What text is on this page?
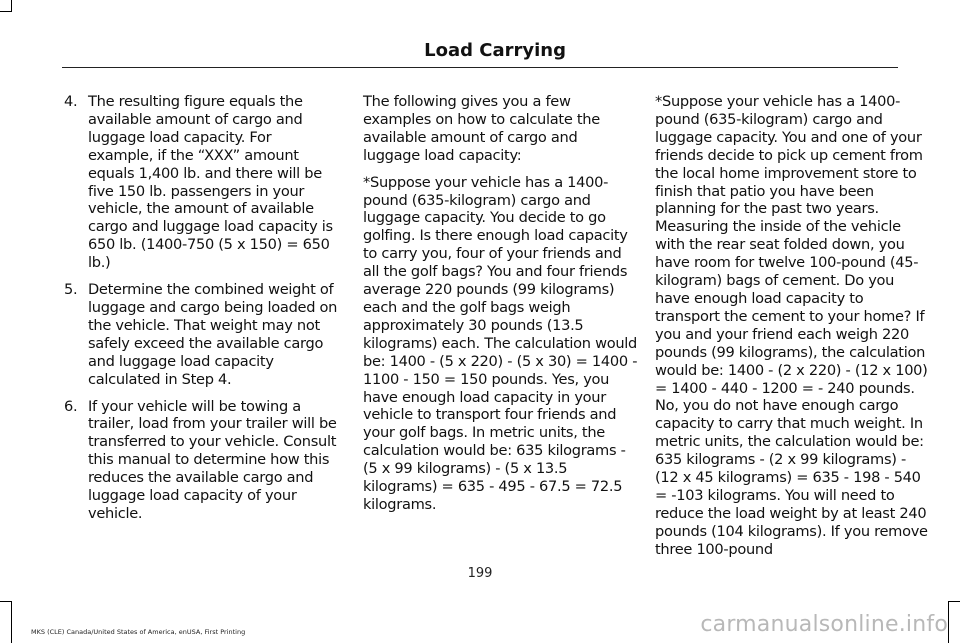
Load Carrying
4. The resulting figure equals the available amount of cargo and luggage load capacity. For example, if the “XXX” amount equals 1,400 lb. and there will be five 150 lb. passengers in your vehicle, the amount of available cargo and luggage load capacity is 650 lb. (1400-750 (5 x 150) = 650 lb.)
5. Determine the combined weight of luggage and cargo being loaded on the vehicle. That weight may not safely exceed the available cargo and luggage load capacity calculated in Step 4.
6. If your vehicle will be towing a trailer, load from your trailer will be transferred to your vehicle. Consult this manual to determine how this reduces the available cargo and luggage load capacity of your vehicle.

The following gives you a few examples on how to calculate the available amount of cargo and luggage load capacity:

*Suppose your vehicle has a 1400-pound (635-kilogram) cargo and luggage capacity. You decide to go golfing. Is there enough load capacity to carry you, four of your friends and all the golf bags? You and four friends average 220 pounds (99 kilograms) each and the golf bags weigh approximately 30 pounds (13.5 kilograms) each. The calculation would be: 1400 - (5 x 220) - (5 x 30) = 1400 - 1100 - 150 = 150 pounds. Yes, you have enough load capacity in your vehicle to transport four friends and your golf bags. In metric units, the calculation would be: 635 kilograms - (5 x 99 kilograms) - (5 x 13.5 kilograms) = 635 - 495 - 67.5 = 72.5 kilograms.

*Suppose your vehicle has a 1400-pound (635-kilogram) cargo and luggage capacity. You and one of your friends decide to pick up cement from the local home improvement store to finish that patio you have been planning for the past two years. Measuring the inside of the vehicle with the rear seat folded down, you have room for twelve 100-pound (45-kilogram) bags of cement. Do you have enough load capacity to transport the cement to your home? If you and your friend each weigh 220 pounds (99 kilograms), the calculation would be: 1400 - (2 x 220) - (12 x 100) = 1400 - 440 - 1200 = - 240 pounds. No, you do not have enough cargo capacity to carry that much weight. In metric units, the calculation would be: 635 kilograms - (2 x 99 kilograms) - (12 x 45 kilograms) = 635 - 198 - 540 = -103 kilograms. You will need to reduce the load weight by at least 240 pounds (104 kilograms). If you remove three 100-pound

199
MKS (CLE) Canada/United States of America, enUSA, First Printing	carmanualsonline.info
